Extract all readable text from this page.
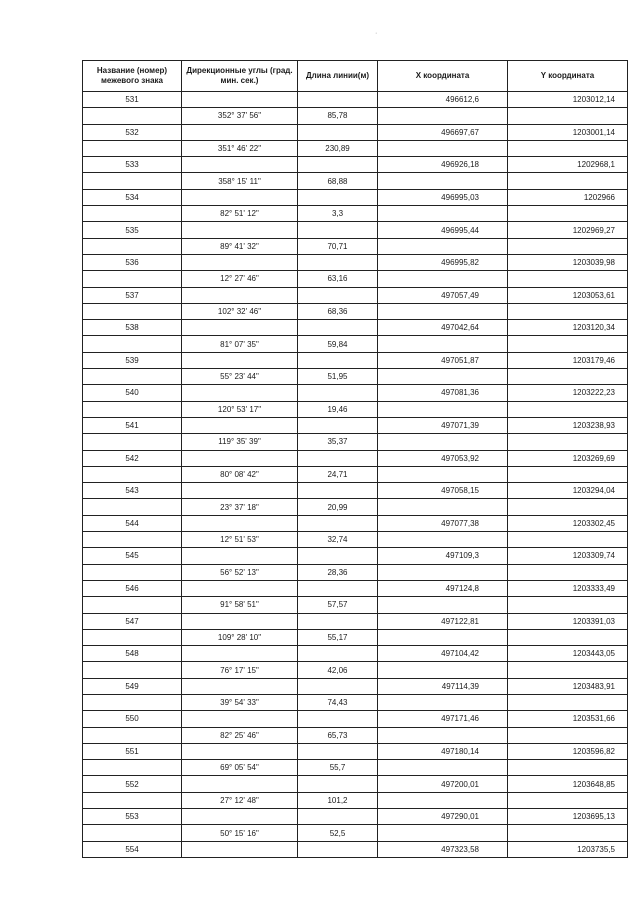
·
Название (номер) межевого знака	Дирекционные углы (град. мин. сек.)	Длина линии(м)	X координата	Y координата
531			496612,6	1203012,14
	352° 37' 56"	85,78		
532			496697,67	1203001,14
	351° 46' 22"	230,89		
533			496926,18	1202968,1
	358° 15' 11"	68,88		
534			496995,03	1202966
	82° 51' 12"	3,3		
535			496995,44	1202969,27
	89° 41' 32"	70,71		
536			496995,82	1203039,98
	12° 27' 46"	63,16		
537			497057,49	1203053,61
	102° 32' 46"	68,36		
538			497042,64	1203120,34
	81° 07' 35"	59,84		
539			497051,87	1203179,46
	55° 23' 44"	51,95		
540			497081,36	1203222,23
	120° 53' 17"	19,46		
541			497071,39	1203238,93
	119° 35' 39"	35,37		
542			497053,92	1203269,69
	80° 08' 42"	24,71		
543			497058,15	1203294,04
	23° 37' 18"	20,99		
544			497077,38	1203302,45
	12° 51' 53"	32,74		
545			497109,3	1203309,74
	56° 52' 13"	28,36		
546			497124,8	1203333,49
	91° 58' 51"	57,57		
547			497122,81	1203391,03
	109° 28' 10"	55,17		
548			497104,42	1203443,05
	76° 17' 15"	42,06		
549			497114,39	1203483,91
	39° 54' 33"	74,43		
550			497171,46	1203531,66
	82° 25' 46"	65,73		
551			497180,14	1203596,82
	69° 05' 54"	55,7		
552			497200,01	1203648,85
	27° 12' 48"	101,2		
553			497290,01	1203695,13
	50° 15' 16"	52,5		
554			497323,58	1203735,5
